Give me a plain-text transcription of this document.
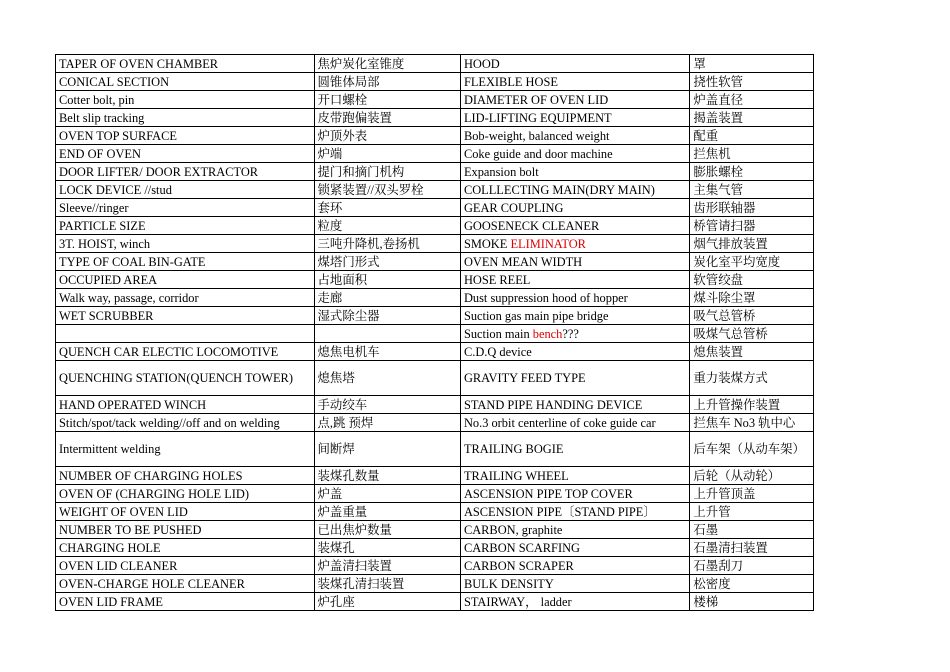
TAPER OF OVEN CHAMBER	焦炉炭化室锥度	HOOD	罩
CONICAL SECTION	圆锥体局部	FLEXIBLE HOSE	挠性软管
Cotter bolt, pin	开口螺栓	DIAMETER OF OVEN LID	炉盖直径
Belt slip tracking	皮带跑偏装置	LID-LIFTING EQUIPMENT	揭盖装置
OVEN TOP SURFACE	炉顶外表	Bob-weight, balanced weight	配重
END OF OVEN	炉端	Coke guide and door machine	拦焦机
DOOR LIFTER/ DOOR EXTRACTOR	提门和摘门机构	Expansion bolt	膨胀螺栓
LOCK DEVICE //stud	锁紧装置//双头罗栓	COLLLECTING MAIN(DRY MAIN)	主集气管
Sleeve//ringer	套环	GEAR COUPLING	齿形联轴器
PARTICLE SIZE	粒度	GOOSENECK CLEANER	桥管请扫器
3T. HOIST, winch	三吨升降机,卷扬机	SMOKE ELIMINATOR	烟气排放装置
TYPE OF COAL BIN-GATE	煤塔门形式	OVEN MEAN WIDTH	炭化室平均宽度
OCCUPIED AREA	占地面积	HOSE REEL	软管绞盘
Walk way, passage, corridor	走廊	Dust suppression hood of hopper	煤斗除尘罩
WET SCRUBBER	湿式除尘器	Suction gas main pipe bridge	吸气总管桥
		Suction main bench???	吸煤气总管桥
QUENCH CAR ELECTIC LOCOMOTIVE	熄焦电机车	C.D.Q device	熄焦装置
QUENCHING STATION(QUENCH TOWER)	熄焦塔	GRAVITY FEED TYPE	重力装煤方式
HAND OPERATED WINCH	手动绞车	STAND PIPE HANDING DEVICE	上升管操作装置
Stitch/spot/tack welding//off and on welding	点,跳 预焊	No.3 orbit centerline of coke guide car	拦焦车 No3 轨中心
Intermittent welding	间断焊	TRAILING BOGIE	后车架（从动车架）
NUMBER OF CHARGING HOLES	装煤孔数量	TRAILING WHEEL	后轮（从动轮）
OVEN OF (CHARGING HOLE LID)	炉盖	ASCENSION PIPE TOP COVER	上升管顶盖
WEIGHT OF OVEN LID	炉盖重量	ASCENSION PIPE〔STAND PIPE〕	上升管
NUMBER TO BE PUSHED	已出焦炉数量	CARBON, graphite	石墨
CHARGING HOLE	装煤孔	CARBON SCARFING	石墨清扫装置
OVEN LID CLEANER	炉盖清扫装置	CARBON SCRAPER	石墨刮刀
OVEN-CHARGE HOLE CLEANER	装煤孔清扫装置	BULK DENSITY	松密度
OVEN LID FRAME	炉孔座	STAIRWAY， ladder	楼梯
